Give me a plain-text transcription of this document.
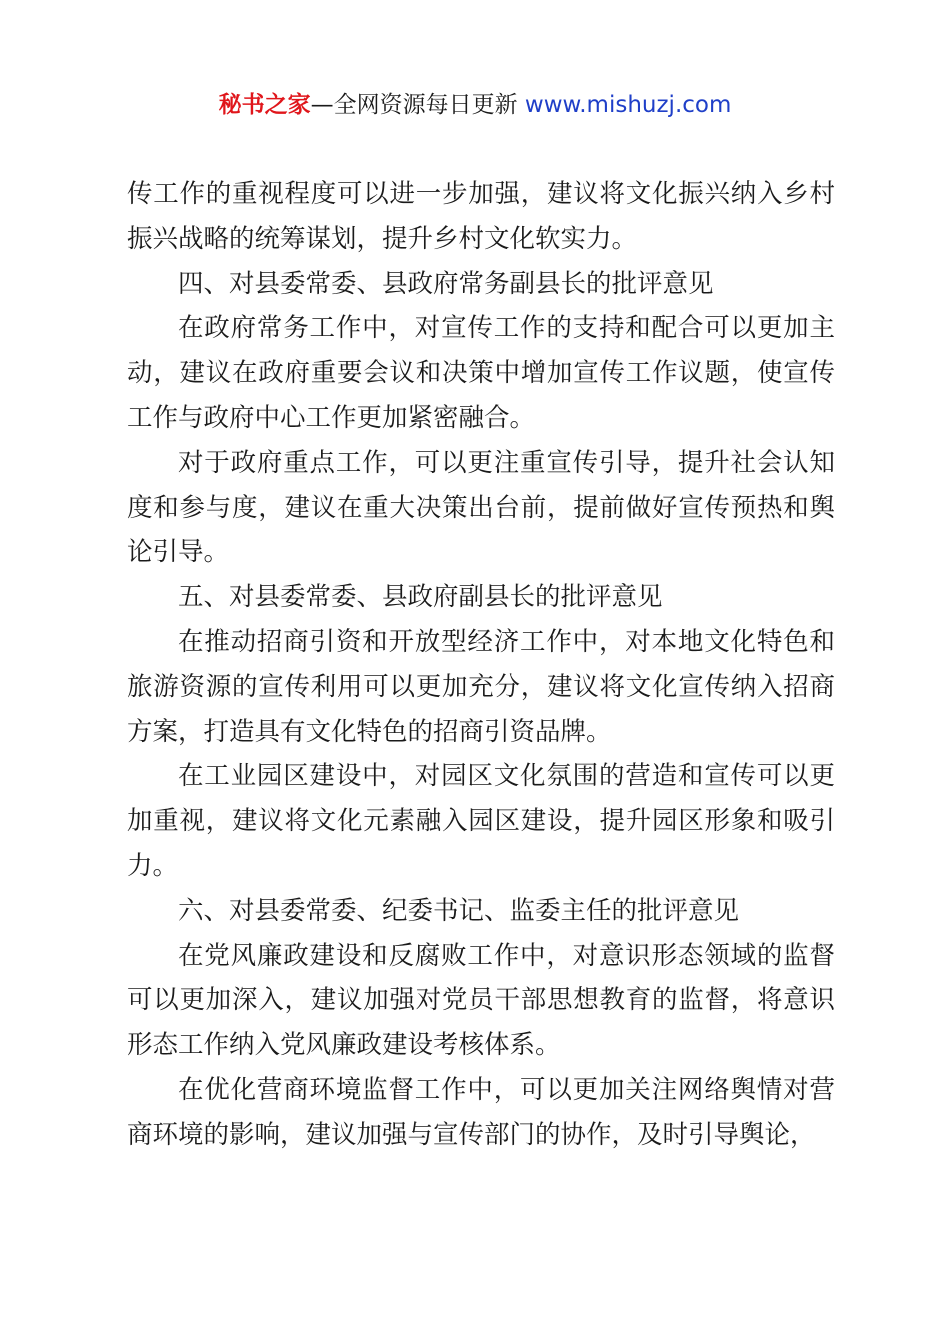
秘书之家—全网资源每日更新 www.mishuzj.com

传工作的重视程度可以进一步加强，建议将文化振兴纳入乡村振兴战略的统筹谋划，提升乡村文化软实力。

四、对县委常委、县政府常务副县长的批评意见

在政府常务工作中，对宣传工作的支持和配合可以更加主动，建议在政府重要会议和决策中增加宣传工作议题，使宣传工作与政府中心工作更加紧密融合。

对于政府重点工作，可以更注重宣传引导，提升社会认知度和参与度，建议在重大决策出台前，提前做好宣传预热和舆论引导。

五、对县委常委、县政府副县长的批评意见

在推动招商引资和开放型经济工作中，对本地文化特色和旅游资源的宣传利用可以更加充分，建议将文化宣传纳入招商方案，打造具有文化特色的招商引资品牌。

在工业园区建设中，对园区文化氛围的营造和宣传可以更加重视，建议将文化元素融入园区建设，提升园区形象和吸引力。

六、对县委常委、纪委书记、监委主任的批评意见

在党风廉政建设和反腐败工作中，对意识形态领域的监督可以更加深入，建议加强对党员干部思想教育的监督，将意识形态工作纳入党风廉政建设考核体系。

在优化营商环境监督工作中，可以更加关注网络舆情对营商环境的影响，建议加强与宣传部门的协作，及时引导舆论，
